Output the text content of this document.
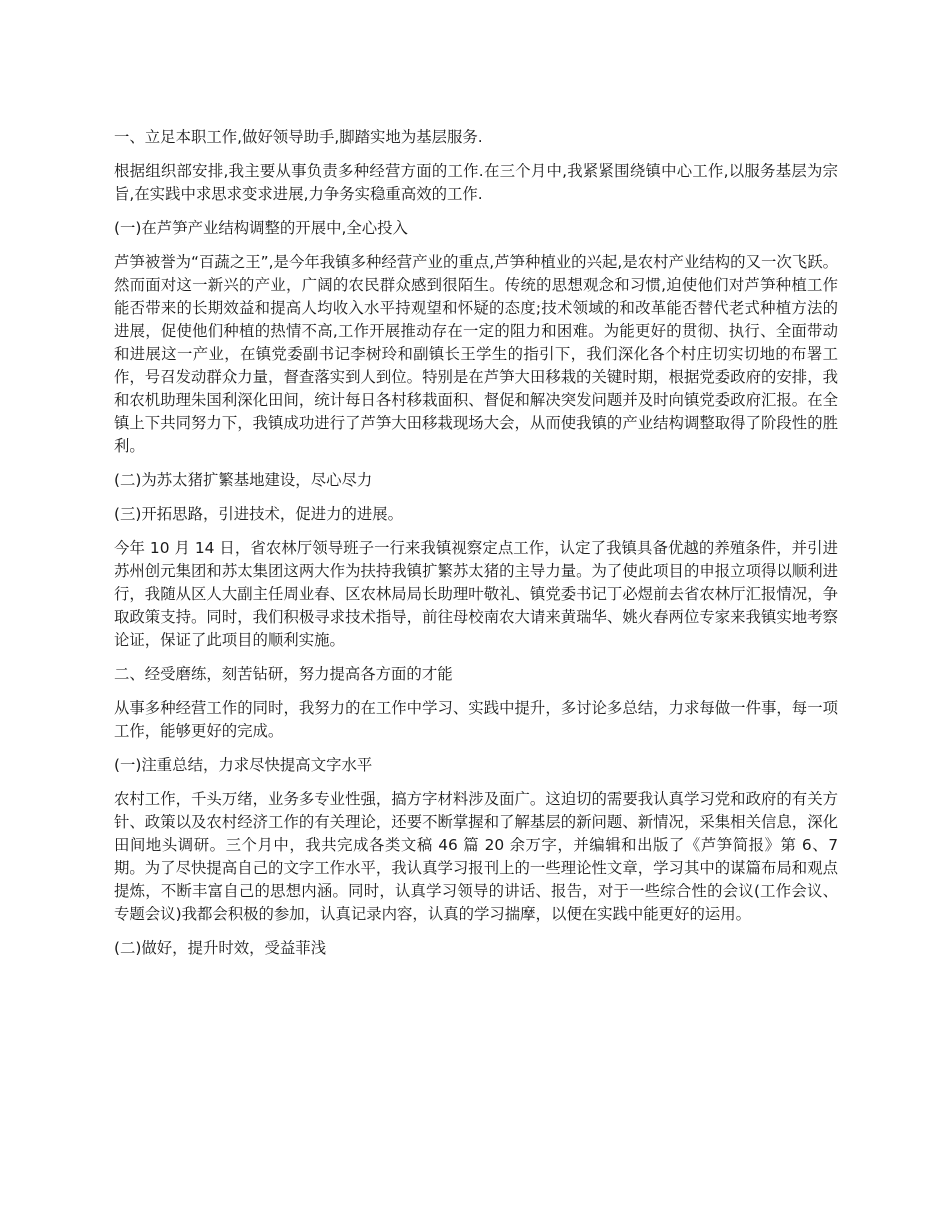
一、立足本职工作,做好领导助手,脚踏实地为基层服务.

根据组织部安排,我主要从事负责多种经营方面的工作.在三个月中,我紧紧围绕镇中心工作,以服务基层为宗旨,在实践中求思求变求进展,力争务实稳重高效的工作.

(一)在芦笋产业结构调整的开展中,全心投入

芦笋被誉为“百蔬之王”,是今年我镇多种经营产业的重点,芦笋种植业的兴起,是农村产业结构的又一次飞跃。然而面对这一新兴的产业，广阔的农民群众感到很陌生。传统的思想观念和习惯,迫使他们对芦笋种植工作能否带来的长期效益和提高人均收入水平持观望和怀疑的态度;技术领域的和改革能否替代老式种植方法的进展，促使他们种植的热情不高,工作开展推动存在一定的阻力和困难。为能更好的贯彻、执行、全面带动和进展这一产业，在镇党委副书记李树玲和副镇长王学生的指引下，我们深化各个村庄切实切地的布署工作，号召发动群众力量，督查落实到人到位。特别是在芦笋大田移栽的关键时期，根据党委政府的安排，我和农机助理朱国利深化田间，统计每日各村移栽面积、督促和解决突发问题并及时向镇党委政府汇报。在全镇上下共同努力下，我镇成功进行了芦笋大田移栽现场大会，从而使我镇的产业结构调整取得了阶段性的胜利。

(二)为苏太猪扩繁基地建设，尽心尽力

(三)开拓思路，引进技术，促进力的进展。

今年 10 月 14 日，省农林厅领导班子一行来我镇视察定点工作，认定了我镇具备优越的养殖条件，并引进苏州创元集团和苏太集团这两大作为扶持我镇扩繁苏太猪的主导力量。为了使此项目的申报立项得以顺利进行，我随从区人大副主任周业春、区农林局局长助理叶敬礼、镇党委书记丁必煜前去省农林厅汇报情况，争取政策支持。同时，我们积极寻求技术指导，前往母校南农大请来黄瑞华、姚火春两位专家来我镇实地考察论证，保证了此项目的顺利实施。

二、经受磨练，刻苦钻研，努力提高各方面的才能

从事多种经营工作的同时，我努力的在工作中学习、实践中提升，多讨论多总结，力求每做一件事，每一项工作，能够更好的完成。

(一)注重总结，力求尽快提高文字水平

农村工作，千头万绪，业务多专业性强，搞方字材料涉及面广。这迫切的需要我认真学习党和政府的有关方针、政策以及农村经济工作的有关理论，还要不断掌握和了解基层的新问题、新情况，采集相关信息，深化田间地头调研。三个月中，我共完成各类文稿 46 篇 20 余万字，并编辑和出版了《芦笋简报》第 6、7 期。为了尽快提高自己的文字工作水平，我认真学习报刊上的一些理论性文章，学习其中的谋篇布局和观点提炼，不断丰富自己的思想内涵。同时，认真学习领导的讲话、报告，对于一些综合性的会议(工作会议、专题会议)我都会积极的参加，认真记录内容，认真的学习揣摩，以便在实践中能更好的运用。

(二)做好，提升时效，受益菲浅
